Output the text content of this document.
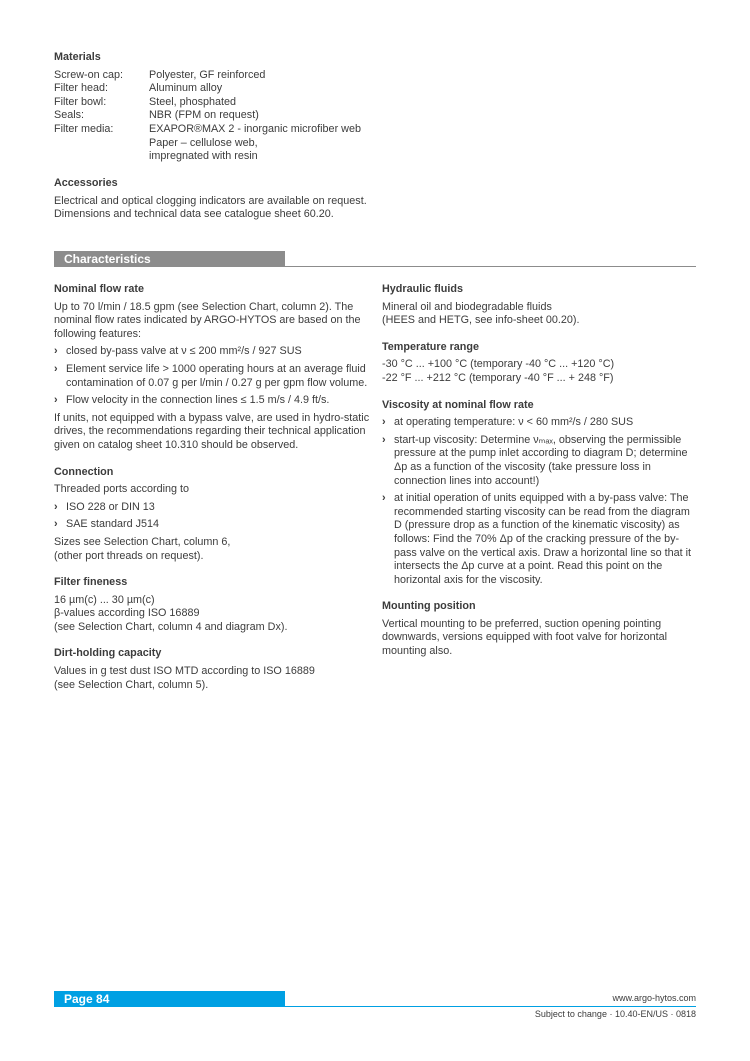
Materials
Screw-on cap:	Polyester, GF reinforced
Filter head:	Aluminum alloy
Filter bowl:	Steel, phosphated
Seals:	NBR (FPM on request)
Filter media:	EXAPOR®MAX 2 - inorganic microfiber web
Paper – cellulose web,
impregnated with resin
Accessories

Electrical and optical clogging indicators are available on request.

Dimensions and technical data see catalogue sheet 60.20.

Characteristics
Nominal flow rate

Up to 70 l/min / 18.5 gpm (see Selection Chart, column 2). The nominal flow rates indicated by ARGO-HYTOS are based on the following features:

› closed by-pass valve at ν ≤ 200 mm²/s / 927 SUS
› Element service life > 1000 operating hours at an average fluid contamination of 0.07 g per l/min / 0.27 g per gpm flow volume.
› Flow velocity in the connection lines ≤ 1.5 m/s / 4.9 ft/s.

If units, not equipped with a bypass valve, are used in hydro-static drives, the recommendations regarding their technical application given on catalog sheet 10.310 should be observed.

Connection

Threaded ports according to

› ISO 228 or DIN 13
› SAE standard J514

Sizes see Selection Chart, column 6, (other port threads on request).

Filter fineness

16 µm(c) ... 30 µm(c)

β-values according ISO 16889

(see Selection Chart, column 4 and diagram Dx).

Dirt-holding capacity

Values in g test dust ISO MTD according to ISO 16889

(see Selection Chart, column 5).

Hydraulic fluids

Mineral oil and biodegradable fluids

(HEES and HETG, see info-sheet 00.20).

Temperature range

-30 °C ... +100 °C (temporary -40 °C ... +120 °C)

-22 °F ... +212 °C (temporary -40 °F ... + 248 °F)

Viscosity at nominal flow rate
› at operating temperature: ν < 60 mm²/s / 280 SUS
› start-up viscosity: Determine νₘₐₓ, observing the permissible pressure at the pump inlet according to diagram D; determine Δp as a function of the viscosity (take pressure loss in connection lines into account!)
› at initial operation of units equipped with a by-pass valve: The recommended starting viscosity can be read from the diagram D (pressure drop as a function of the kinematic viscosity) as follows: Find the 70% Δp of the cracking pressure of the by-pass valve on the vertical axis. Draw a horizontal line so that it intersects the Δp curve at a point. Read this point on the horizontal axis for the viscosity.
Mounting position

Vertical mounting to be preferred, suction opening pointing downwards, versions equipped with foot valve for horizontal mounting also.

Page 84	www.argo-hytos.com
Subject to change · 10.40-EN/US · 0818
